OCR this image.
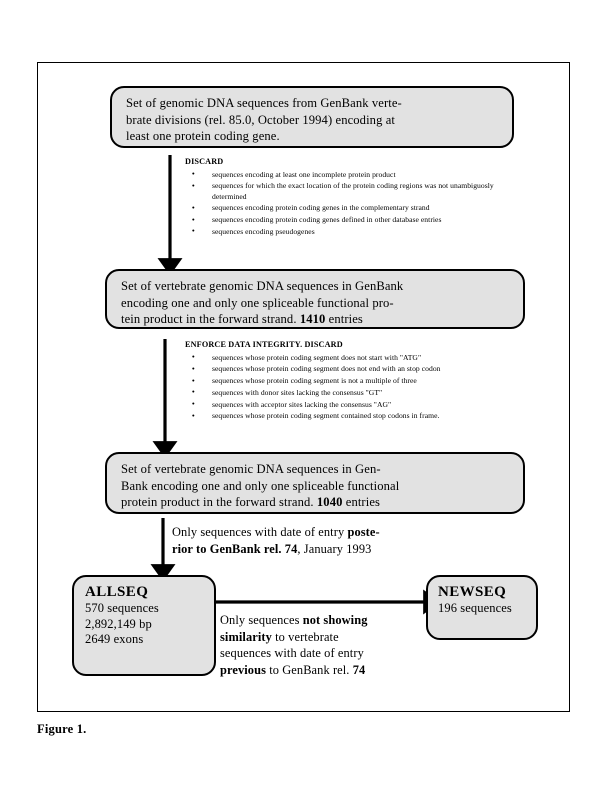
Set of genomic DNA sequences from GenBank verte-
brate divisions (rel. 85.0, October 1994) encoding at
least one protein coding gene.
DISCARD
• sequences encoding at least one incomplete protein product
• sequences for which the exact location of the protein coding regions was not unambiguosly determined
• sequences encoding protein coding genes in the complementary strand
• sequences encoding protein coding genes defined in other database entries
• sequences encoding pseudogenes
Set of vertebrate genomic DNA sequences in GenBank
encoding one and only one spliceable functional pro-
tein product in the forward strand. 1410 entries
ENFORCE DATA INTEGRITY. DISCARD
• sequences whose protein coding segment does not start with "ATG"
• sequences whose protein coding segment does not end with an stop codon
• sequences whose protein coding segment is not a multiple of three
• sequences with donor sites lacking the consensus "GT"
• sequences with acceptor sites lacking the consensus "AG"
• sequences whose protein coding segment contained stop codons in frame.
Set of vertebrate genomic DNA sequences in Gen-
Bank encoding one and only one spliceable functional
protein product in the forward strand. 1040 entries
Only sequences with date of entry poste-
rior to GenBank rel. 74, January 1993
ALLSEQ
570 sequences
2,892,149 bp
2649 exons
NEWSEQ
196 sequences
Only sequences not showing
similarity to vertebrate
sequences with date of entry
previous to GenBank rel. 74
Figure 1.
